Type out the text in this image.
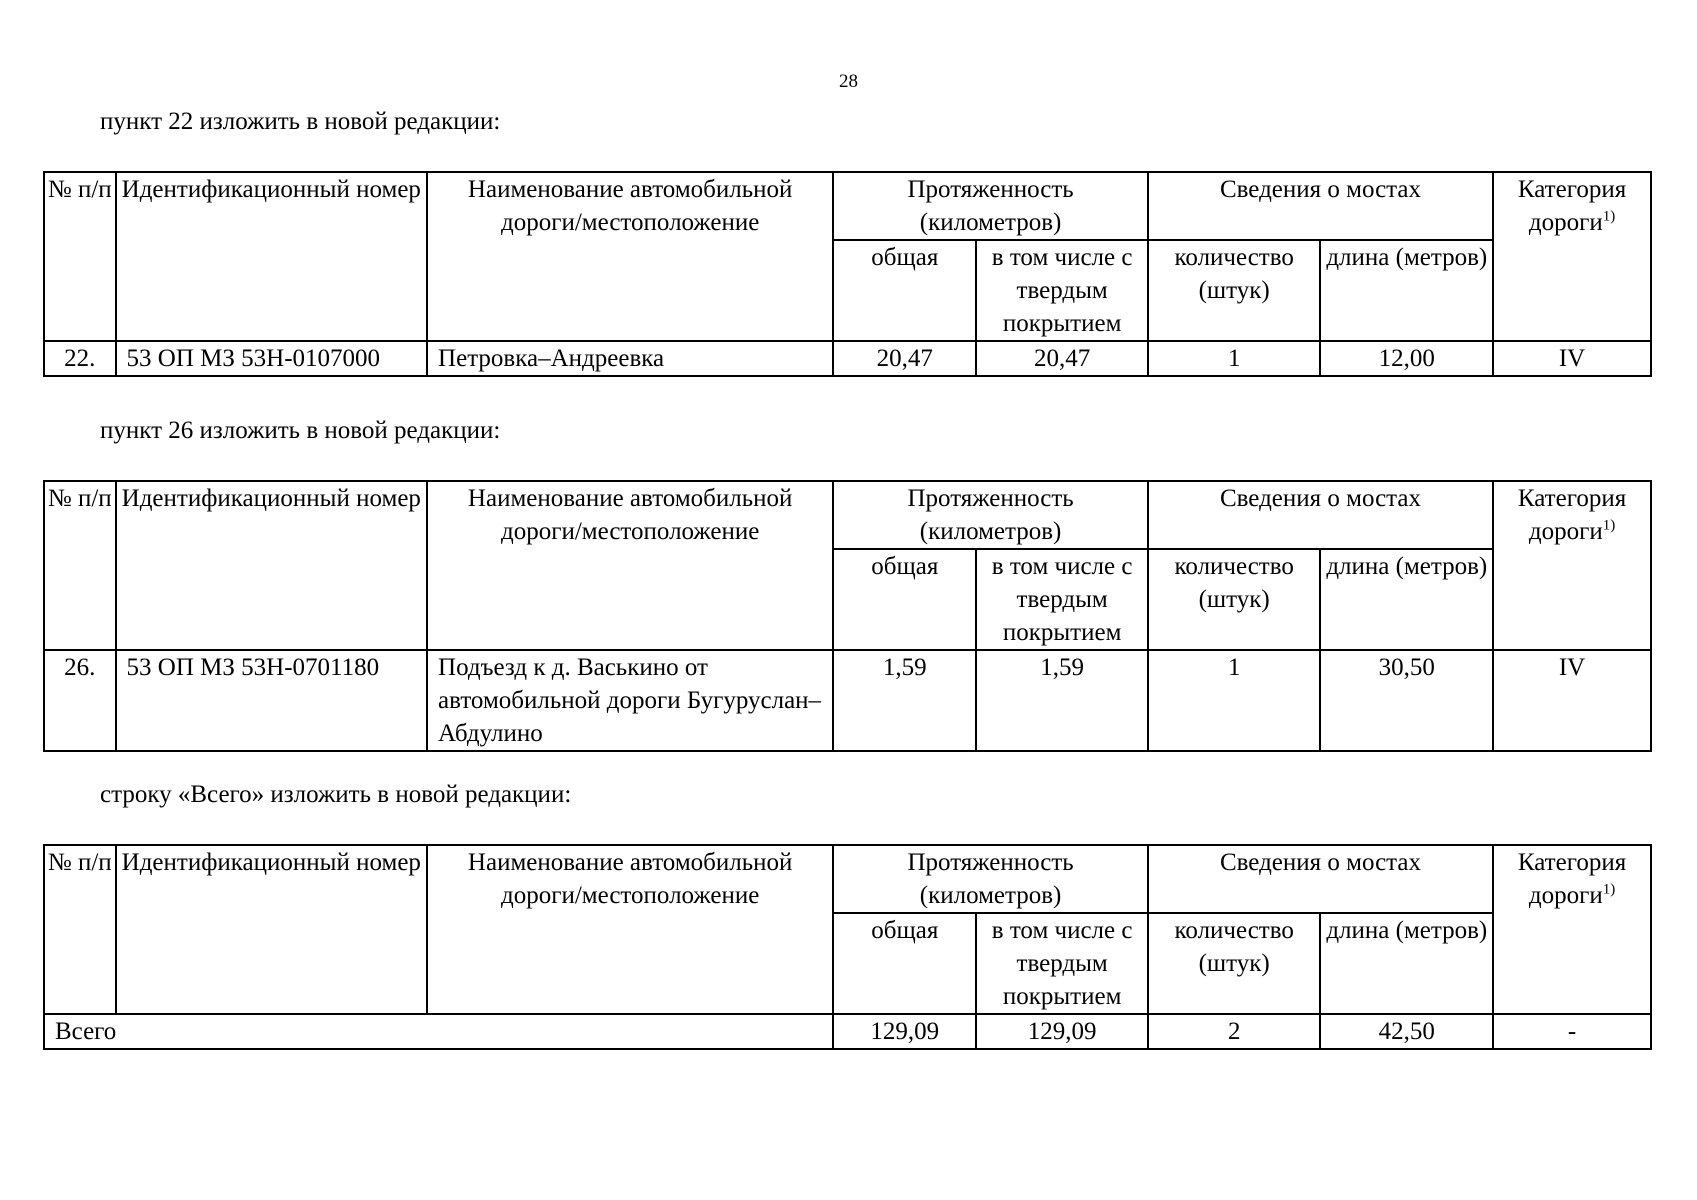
28
пункт 22 изложить в новой редакции:
№ п/п	Идентификационный номер	Наименование автомобильной дороги/местоположение	Протяженность (километров)		Сведения о мостах		Категория дороги$^{1)}$
			общая	в том числе с твердым покрытием	количество (штук)	длина (метров)	
22.	53 ОП МЗ 53Н-0107000	Петровка–Андреевка	20,47	20,47	1	12,00	IV
пункт 26 изложить в новой редакции:
№ п/п	Идентификационный номер	Наименование автомобильной дороги/местоположение	Протяженность (километров)		Сведения о мостах		Категория дороги$^{1)}$
			общая	в том числе с твердым покрытием	количество (штук)	длина (метров)	
26.	53 ОП МЗ 53Н-0701180	Подъезд к д. Васькино от автомобильной дороги Бугуруслан–Абдулино	1,59	1,59	1	30,50	IV
строку «Всего» изложить в новой редакции:
№ п/п	Идентификационный номер	Наименование автомобильной дороги/местоположение	Протяженность (километров)		Сведения о мостах		Категория дороги$^{1)}$
			общая	в том числе с твердым покрытием	количество (штук)	длина (метров)	
Всего			129,09	129,09	2	42,50	-
